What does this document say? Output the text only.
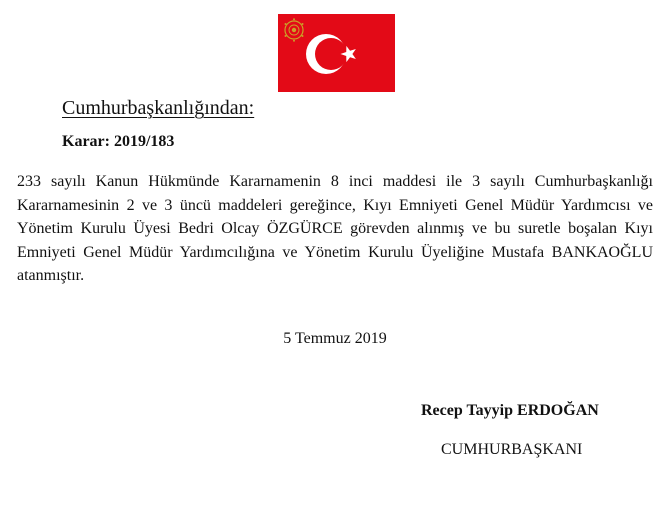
Cumhurbaşkanlığından:
Karar: 2019/183
233 sayılı Kanun Hükmünde Kararnamenin 8 inci maddesi ile 3 sayılı Cumhurbaşkanlığı Kararnamesinin 2 ve 3 üncü maddeleri gereğince, Kıyı Emniyeti Genel Müdür Yardımcısı ve Yönetim Kurulu Üyesi Bedri Olcay ÖZGÜRCE görevden alınmış ve bu suretle boşalan Kıyı Emniyeti Genel Müdür Yardımcılığına ve Yönetim Kurulu Üyeliğine Mustafa BANKAOĞLU atanmıştır.
5 Temmuz 2019
Recep Tayyip ERDOĞAN
CUMHURBAŞKANI
